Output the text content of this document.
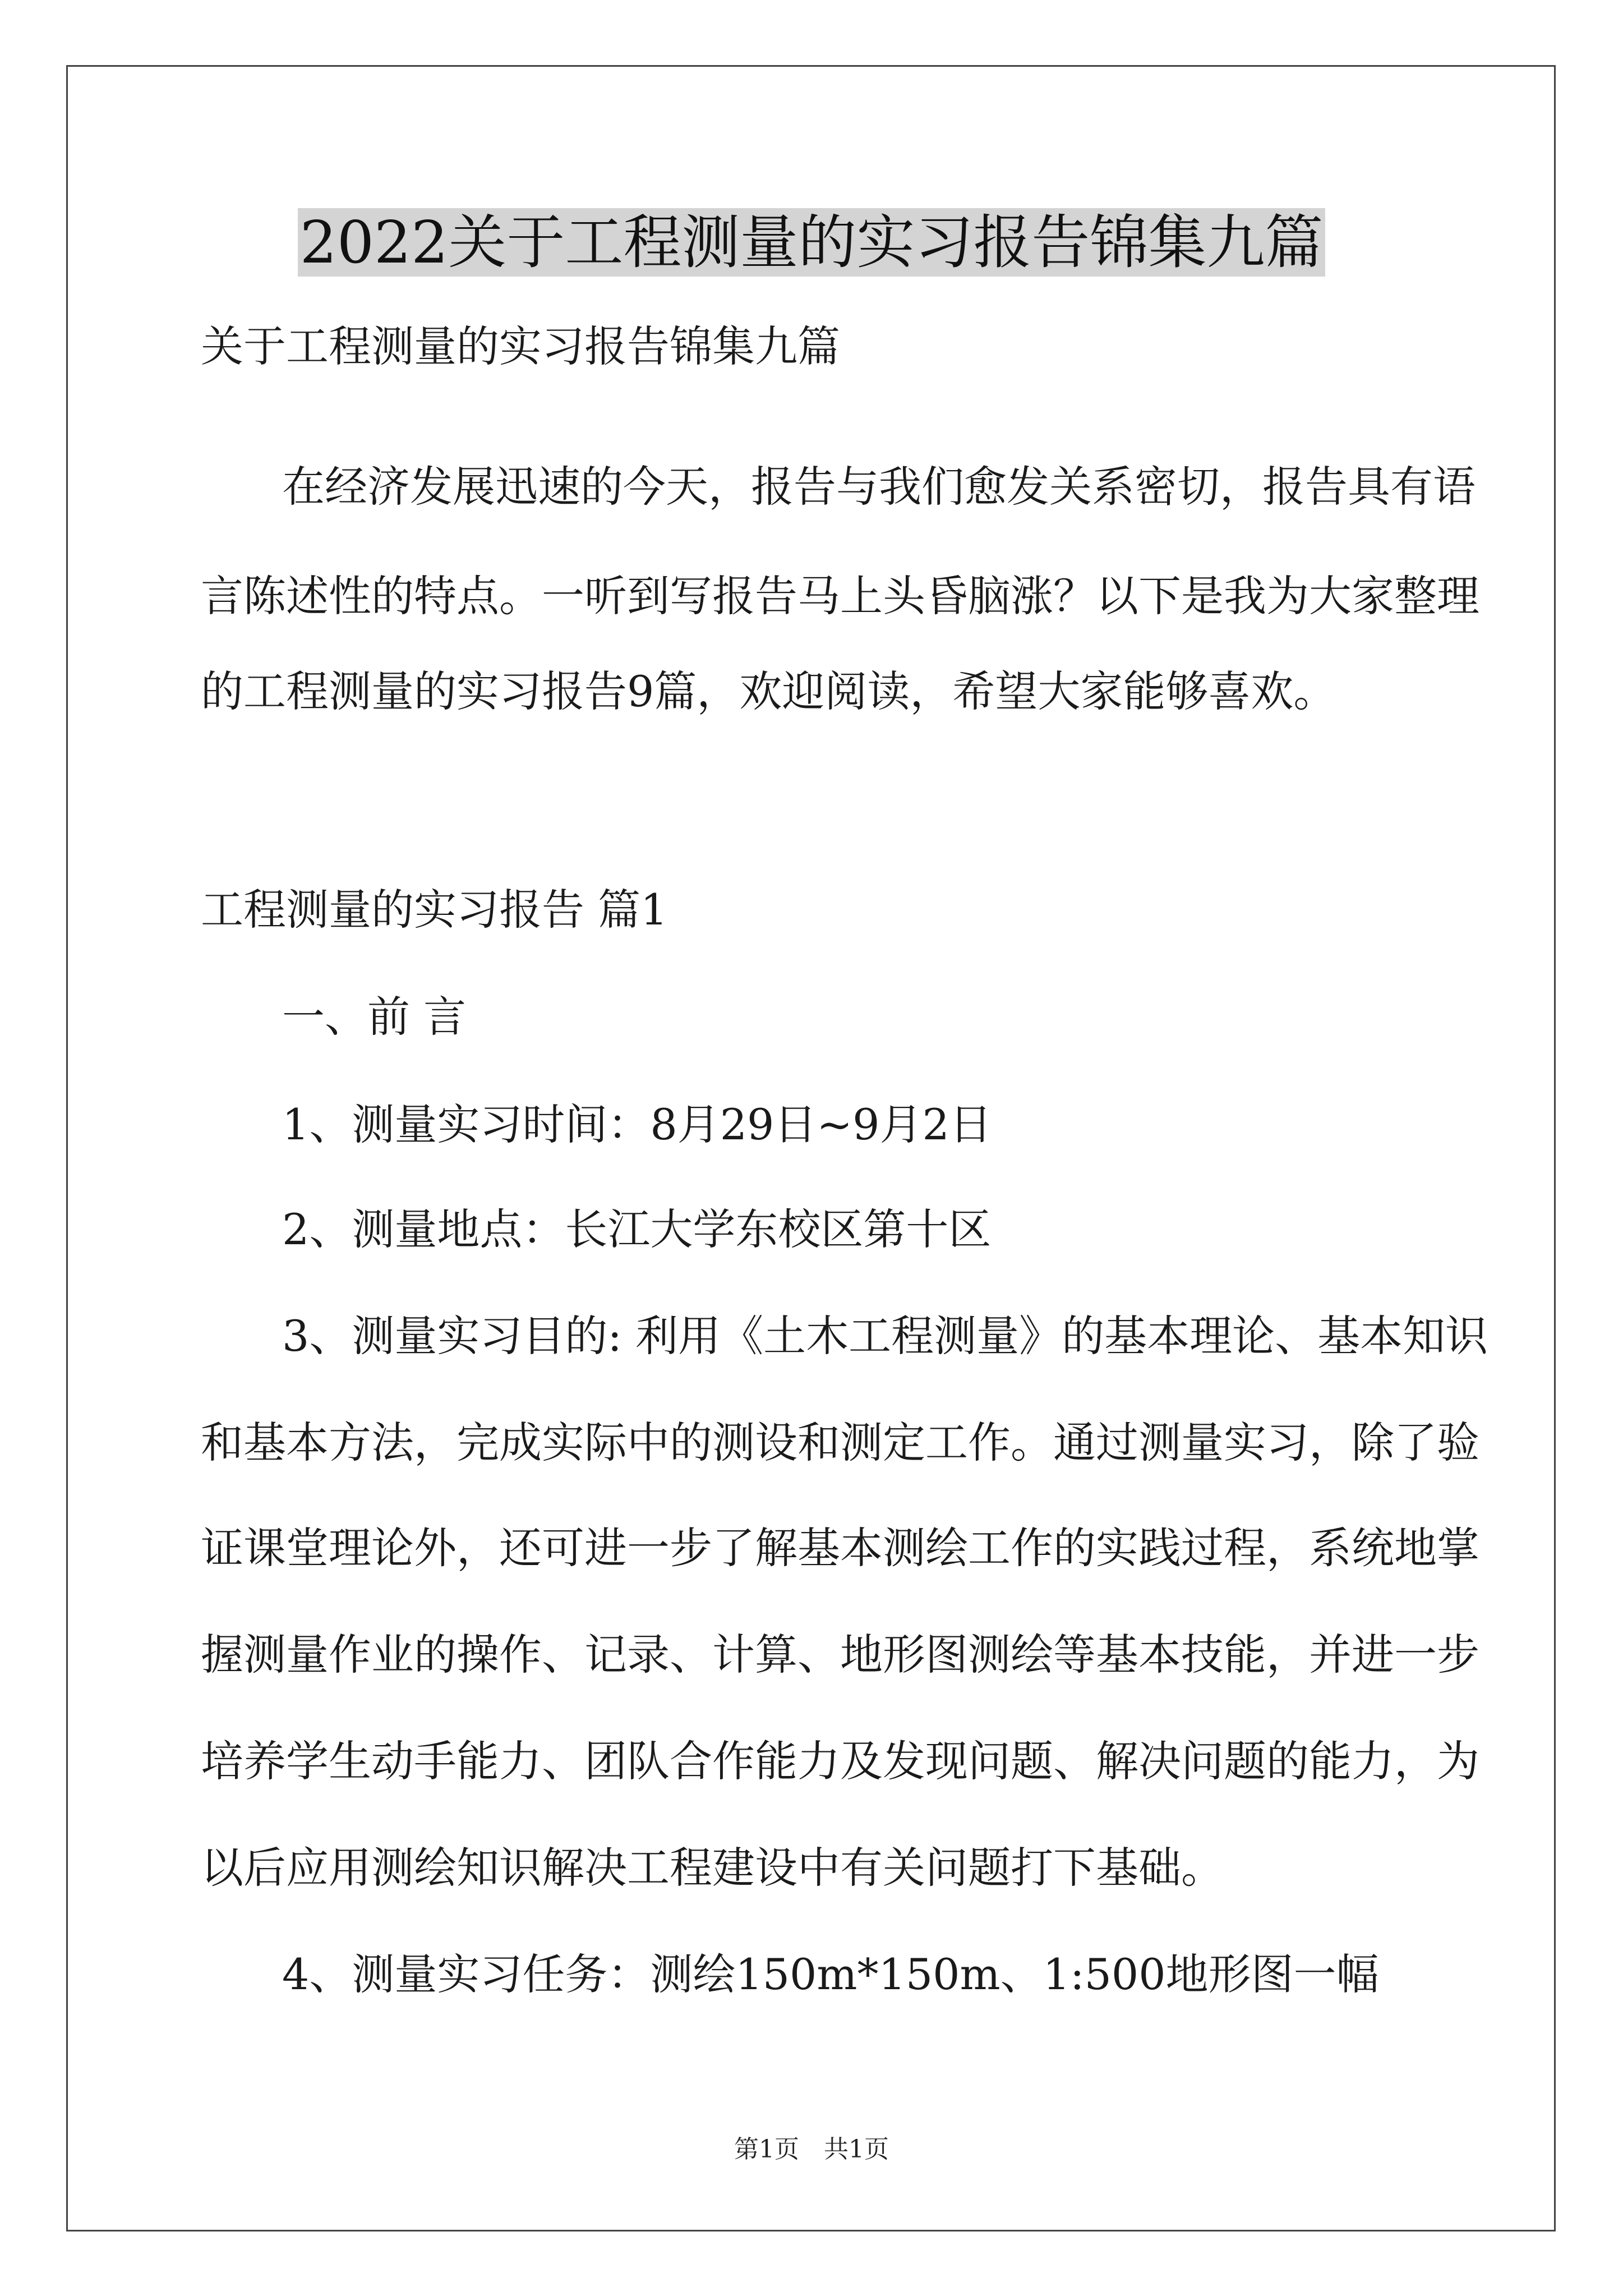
2022关于工程测量的实习报告锦集九篇
关于工程测量的实习报告锦集九篇
在经济发展迅速的今天，报告与我们愈发关系密切，报告具有语
言陈述性的特点。一听到写报告马上头昏脑涨？以下是我为大家整理
的工程测量的实习报告9篇，欢迎阅读，希望大家能够喜欢。
工程测量的实习报告 篇1
一、前 言
1、测量实习时间：8月29日~9月2日
2、测量地点：长江大学东校区第十区
3、测量实习目的: 利用《土木工程测量》的基本理论、基本知识
和基本方法，完成实际中的测设和测定工作。通过测量实习，除了验
证课堂理论外，还可进一步了解基本测绘工作的实践过程，系统地掌
握测量作业的操作、记录、计算、地形图测绘等基本技能，并进一步
培养学生动手能力、团队合作能力及发现问题、解决问题的能力，为
以后应用测绘知识解决工程建设中有关问题打下基础。
4、测量实习任务：测绘150m*150m、1:500地形图一幅
第1页　共1页
